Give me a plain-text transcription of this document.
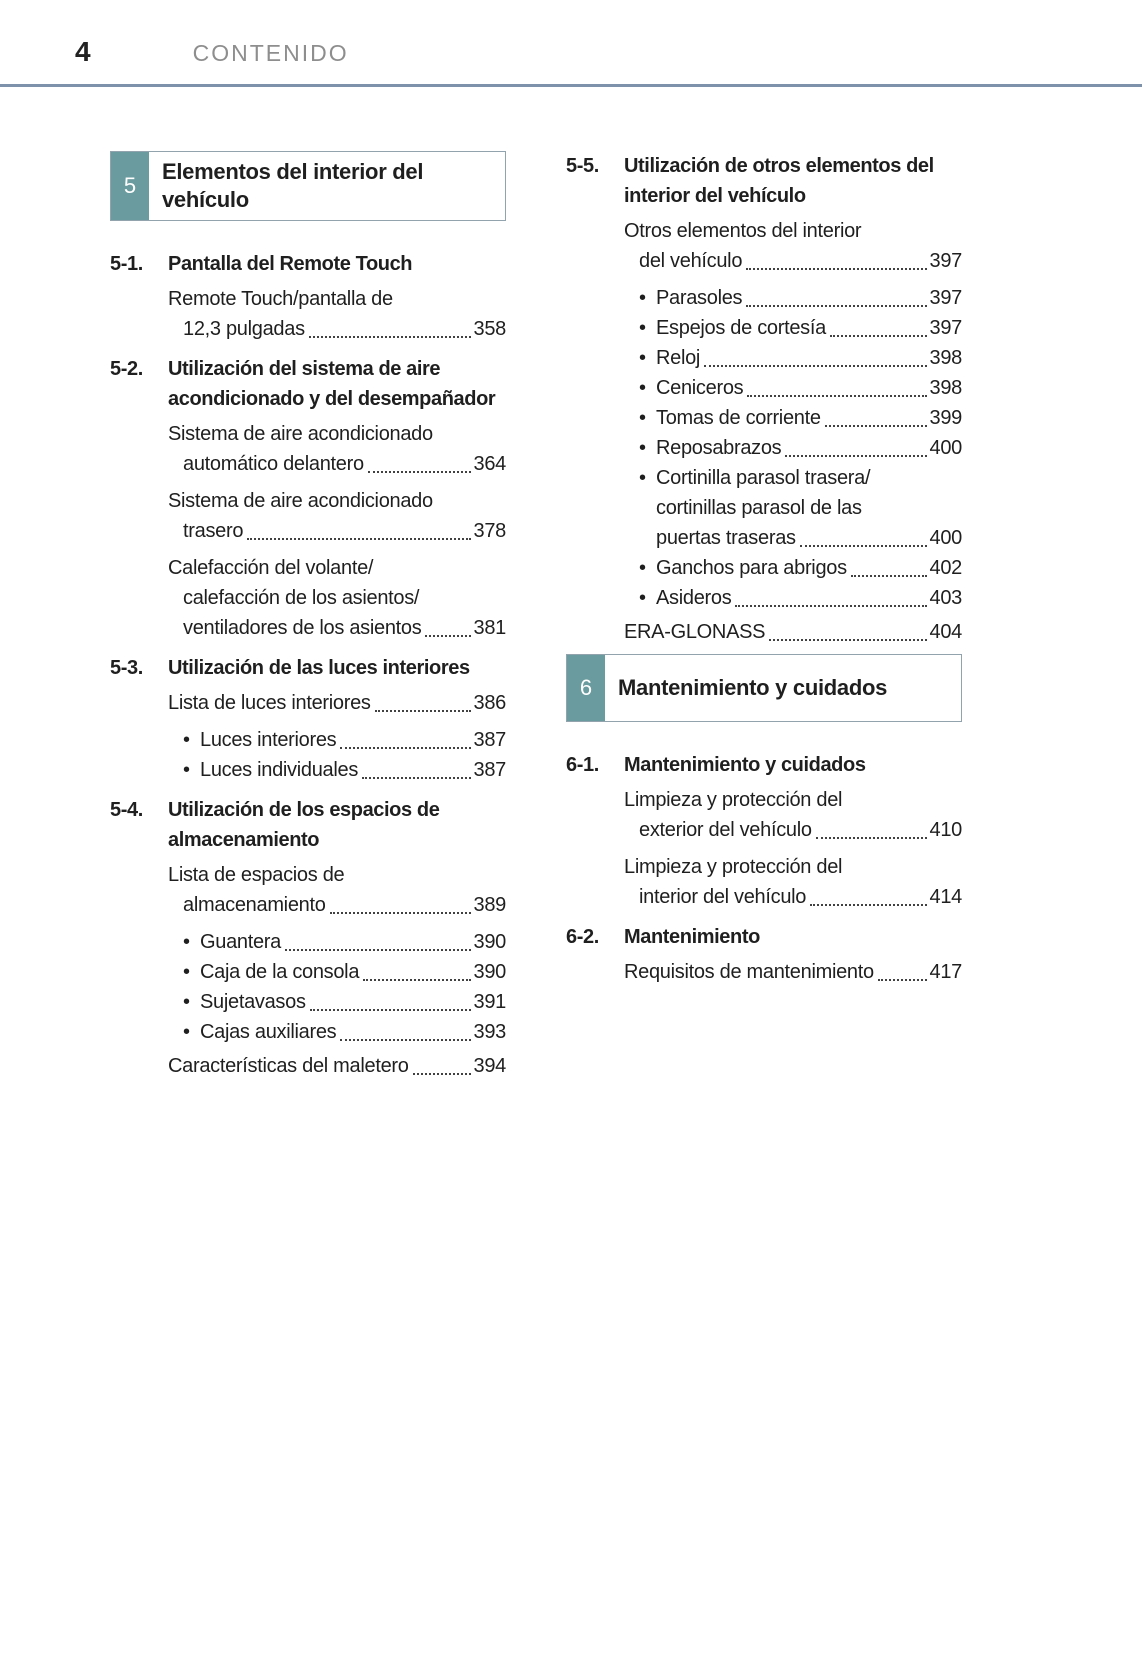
4	CONTENIDO
5
Elementos del interior del vehículo
5-1.	Pantalla del Remote Touch
Remote Touch/pantalla de
12,3 pulgadas	358
5-2.	Utilización del sistema de aire acondicionado y del desempañador
Sistema de aire acondicionado
automático delantero	364
Sistema de aire acondicionado
trasero	378
Calefacción del volante/
calefacción de los asientos/
ventiladores de los asientos	381
5-3.	Utilización de las luces interiores
Lista de luces interiores	386
• Luces interiores	387
• Luces individuales	387
5-4.	Utilización de los espacios de almacenamiento
Lista de espacios de
almacenamiento	389
• Guantera	390
• Caja de la consola	390
• Sujetavasos	391
• Cajas auxiliares	393
Características del maletero	394
5-5.	Utilización de otros elementos del interior del vehículo
Otros elementos del interior
del vehículo	397
• Parasoles	397
• Espejos de cortesía	397
• Reloj	398
• Ceniceros	398
• Tomas de corriente	399
• Reposabrazos	400
• Cortinilla parasol trasera/
cortinillas parasol de las
puertas traseras	400
• Ganchos para abrigos	402
• Asideros	403
ERA-GLONASS	404
6	Mantenimiento y cuidados
6-1.	Mantenimiento y cuidados
Limpieza y protección del
exterior del vehículo	410
Limpieza y protección del
interior del vehículo	414
6-2.	Mantenimiento
Requisitos de mantenimiento	417
